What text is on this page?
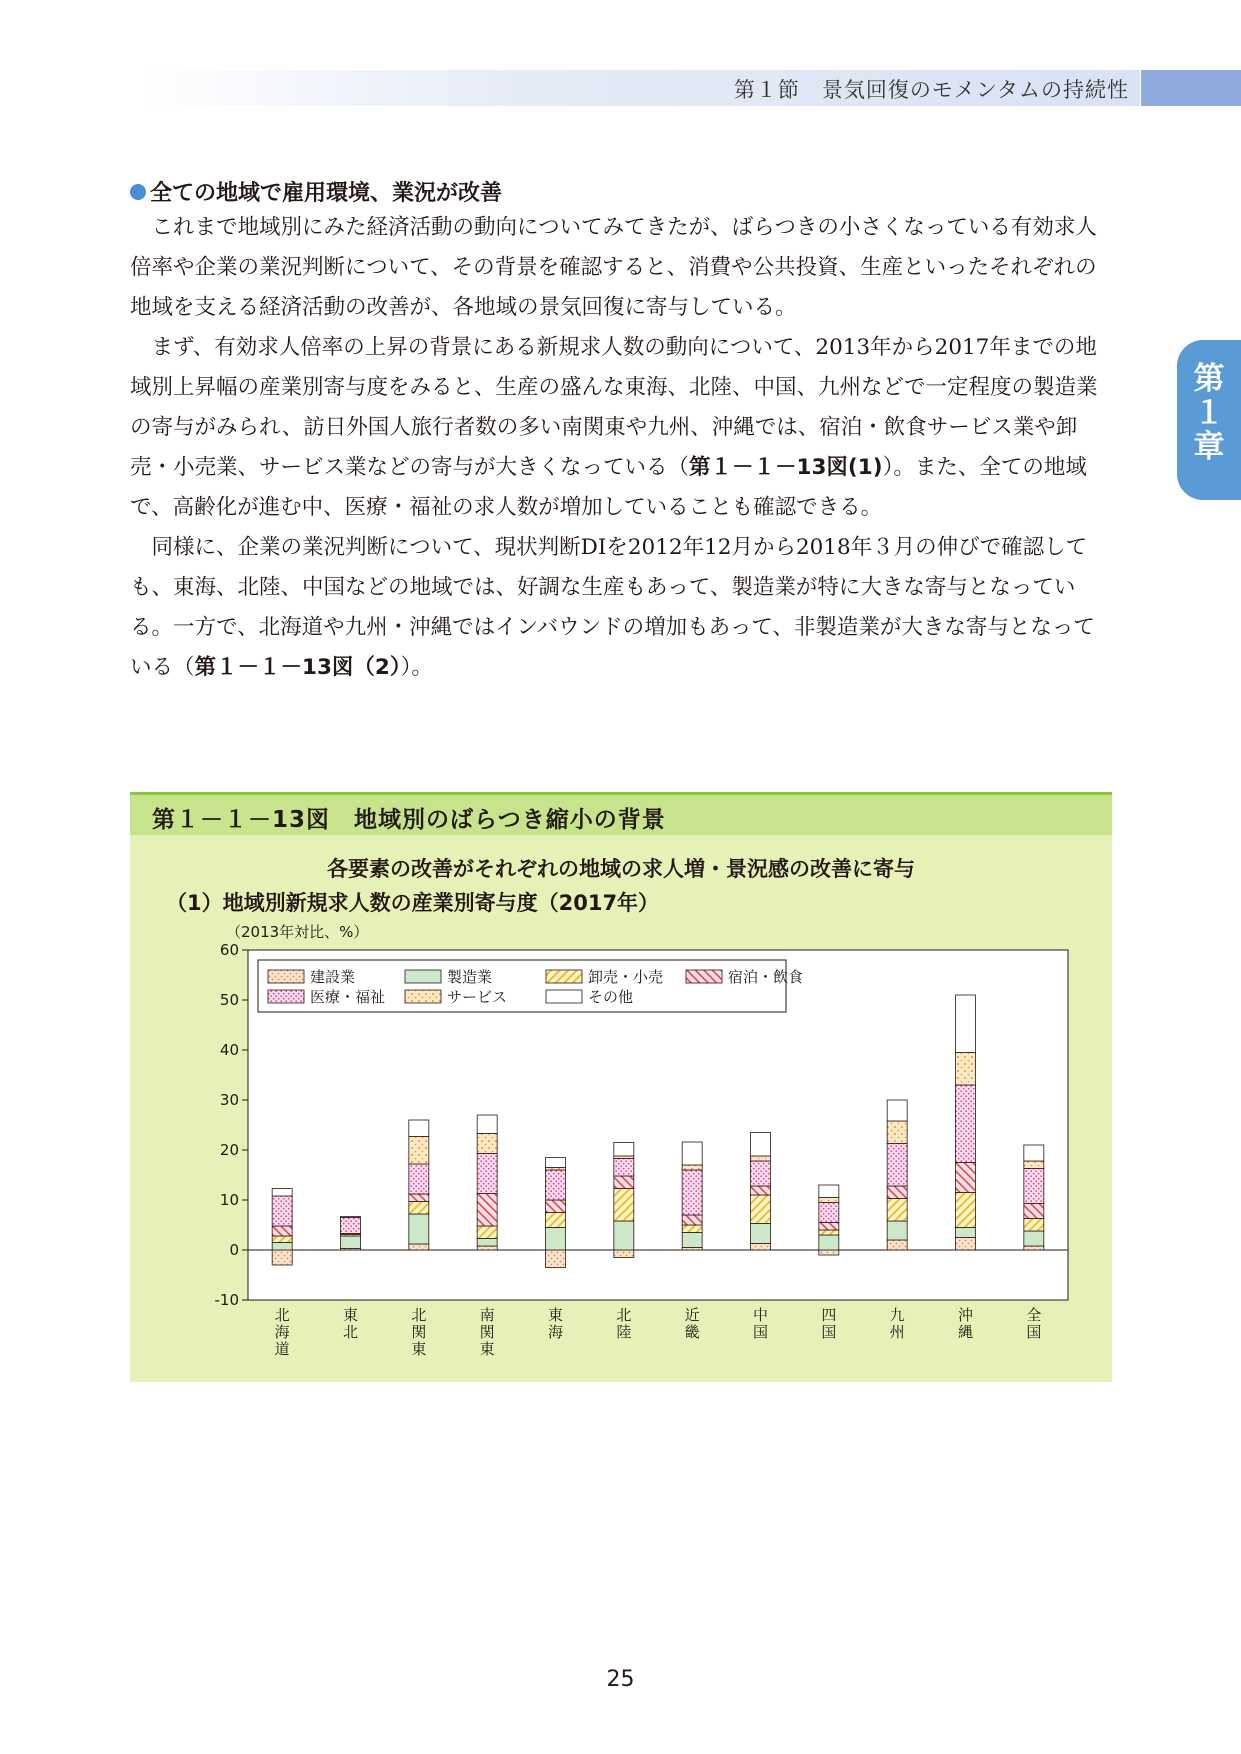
第１節　景気回復のモメンタムの持続性
第１章
全ての地域で雇用環境、業況が改善

これまで地域別にみた経済活動の動向についてみてきたが、ばらつきの小さくなっている有効求人倍率や企業の業況判断について、その背景を確認すると、消費や公共投資、生産といったそれぞれの地域を支える経済活動の改善が、各地域の景気回復に寄与している。

まず、有効求人倍率の上昇の背景にある新規求人数の動向について、2013年から2017年までの地域別上昇幅の産業別寄与度をみると、生産の盛んな東海、北陸、中国、九州などで一定程度の製造業の寄与がみられ、訪日外国人旅行者数の多い南関東や九州、沖縄では、宿泊・飲食サービス業や卸売・小売業、サービス業などの寄与が大きくなっている（第１－１－13図(1)）。また、全ての地域で、高齢化が進む中、医療・福祉の求人数が増加していることも確認できる。

同様に、企業の業況判断について、現状判断DIを2012年12月から2018年３月の伸びで確認しても、東海、北陸、中国などの地域では、好調な生産もあって、製造業が特に大きな寄与となっている。一方で、北海道や九州・沖縄ではインバウンドの増加もあって、非製造業が大きな寄与となっている（第１－１－13図（2））。

第１－１－13図　地域別のばらつき縮小の背景
各要素の改善がそれぞれの地域の求人増・景況感の改善に寄与
（1）地域別新規求人数の産業別寄与度（2017年）
（2013年対比、%）
-10
0
10
20
30
40
50
60
建設業	製造業	卸売・小売	宿泊・飲食
医療・福祉	サービス	その他
北海道
東北
北関東
南関東
東海
北陸
近畿
中国
四国
九州
沖縄
全国
25
